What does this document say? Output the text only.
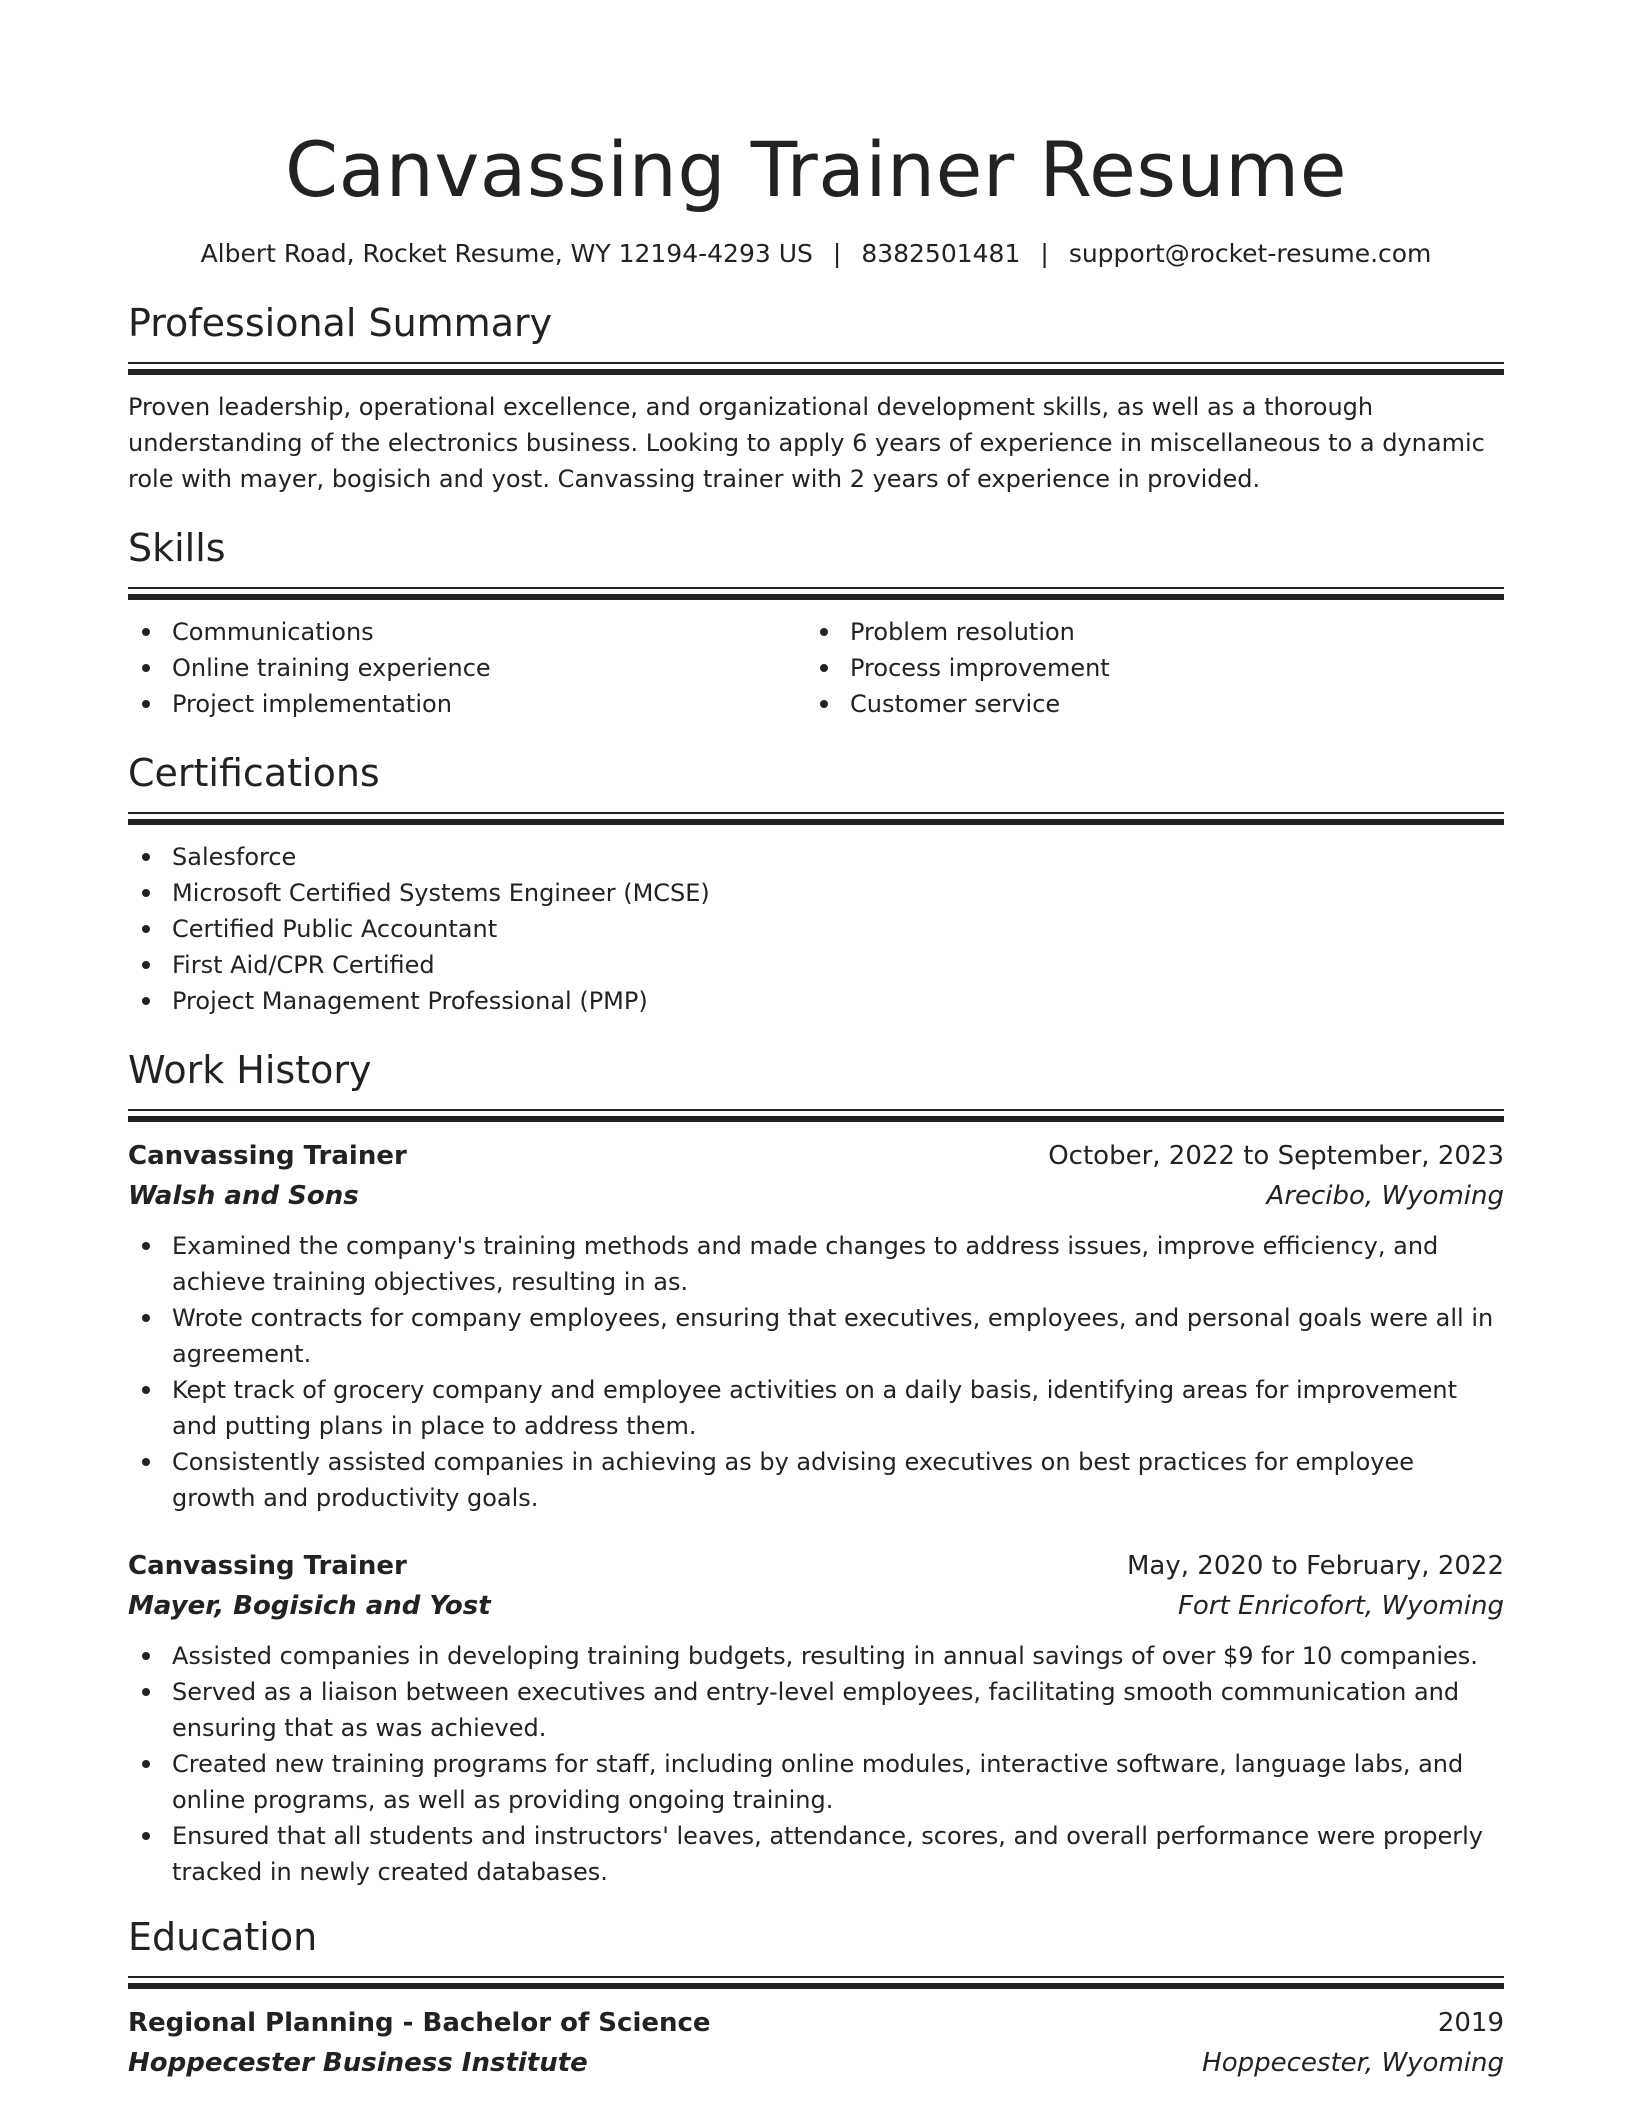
Canvassing Trainer Resume
Albert Road, Rocket Resume, WY 12194-4293 US | 8382501481 | support@rocket-resume.com
Professional Summary
Proven leadership, operational excellence, and organizational development skills, as well as a thorough understanding of the electronics business. Looking to apply 6 years of experience in miscellaneous to a dynamic role with mayer, bogisich and yost. Canvassing trainer with 2 years of experience in provided.
Skills
Communications
Online training experience
Project implementation
Problem resolution
Process improvement
Customer service
Certifications
Salesforce
Microsoft Certified Systems Engineer (MCSE)
Certified Public Accountant
First Aid/CPR Certified
Project Management Professional (PMP)
Work History
Canvassing Trainer	October, 2022 to September, 2023
Walsh and Sons	Arecibo, Wyoming
Examined the company's training methods and made changes to address issues, improve efficiency, and achieve training objectives, resulting in as.
Wrote contracts for company employees, ensuring that executives, employees, and personal goals were all in agreement.
Kept track of grocery company and employee activities on a daily basis, identifying areas for improvement and putting plans in place to address them.
Consistently assisted companies in achieving as by advising executives on best practices for employee growth and productivity goals.
Canvassing Trainer	May, 2020 to February, 2022
Mayer, Bogisich and Yost	Fort Enricofort, Wyoming
Assisted companies in developing training budgets, resulting in annual savings of over $9 for 10 companies.
Served as a liaison between executives and entry-level employees, facilitating smooth communication and ensuring that as was achieved.
Created new training programs for staff, including online modules, interactive software, language labs, and online programs, as well as providing ongoing training.
Ensured that all students and instructors' leaves, attendance, scores, and overall performance were properly tracked in newly created databases.
Education
Regional Planning - Bachelor of Science	2019
Hoppecester Business Institute	Hoppecester, Wyoming
